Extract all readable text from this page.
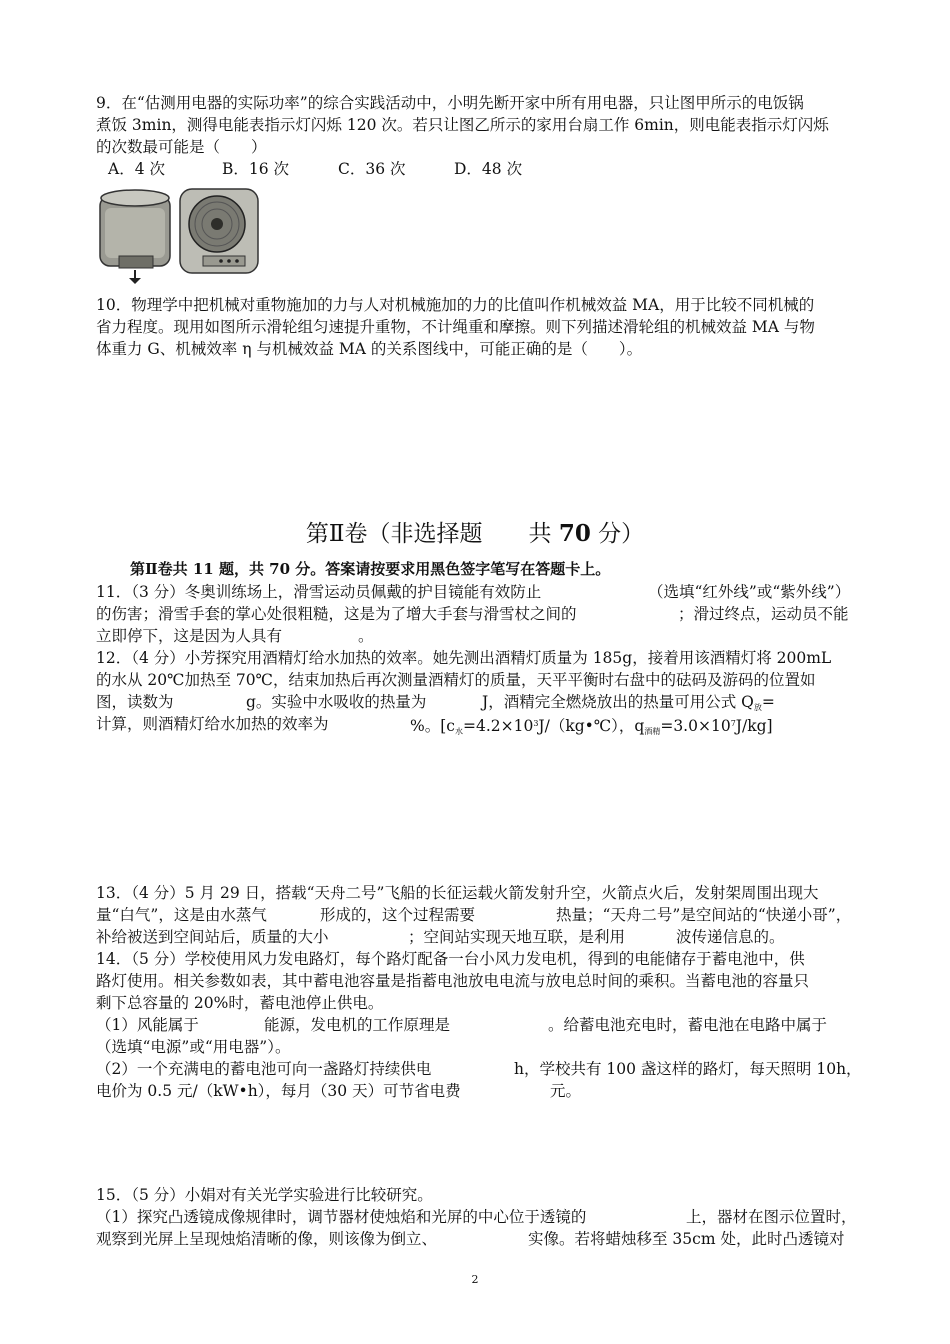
9．在“估测用电器的实际功率”的综合实践活动中，小明先断开家中所有用电器，只让图甲所示的电饭锅
煮饭 3min，测得电能表指示灯闪烁 120 次。若只让图乙所示的家用台扇工作 6min，则电能表指示灯闪烁
的次数最可能是（　　）
A．4 次	B．16 次	C．36 次	D．48 次
10．物理学中把机械对重物施加的力与人对机械施加的力的比值叫作机械效益 MA，用于比较不同机械的
省力程度。现用如图所示滑轮组匀速提升重物，不计绳重和摩擦。则下列描述滑轮组的机械效益 MA 与物
体重力 G、机械效率 η 与机械效益 MA 的关系图线中，可能正确的是（　　）。
第Ⅱ卷（非选择题 共 70 分）
第Ⅱ卷共 11 题，共 70 分。答案请按要求用黑色签字笔写在答题卡上。
11．（3 分）冬奥训练场上，滑雪运动员佩戴的护目镜能有效防止	（选填“红外线”或“紫外线”）
的伤害；滑雪手套的掌心处很粗糙，这是为了增大手套与滑雪杖之间的	；滑过终点，运动员不能
立即停下，这是因为人具有	。
12．（4 分）小芳探究用酒精灯给水加热的效率。她先测出酒精灯质量为 185g，接着用该酒精灯将 200mL
的水从 20℃加热至 70℃，结束加热后再次测量酒精灯的质量，天平平衡时右盘中的砝码及游码的位置如
图，读数为	g。实验中水吸收的热量为	J，酒精完全燃烧放出的热量可用公式 $Q_放=$
计算，则酒精灯给水加热的效率为	%。[$c_水=4.2\times 10^3J/(kg•℃)$，$q_{酒精}=3.0\times 10^7J/kg$]
13．（4 分）5 月 29 日，搭载“天舟二号”飞船的长征运载火箭发射升空，火箭点火后，发射架周围出现大
量“白气”，这是由水蒸气	形成的，这个过程需要	热量；“天舟二号”是空间站的“快递小哥”，
补给被送到空间站后，质量的大小	；空间站实现天地互联，是利用	波传递信息的。
14．（5 分）学校使用风力发电路灯，每个路灯配备一台小风力发电机，得到的电能储存于蓄电池中，供
路灯使用。相关参数如表，其中蓄电池容量是指蓄电池放电电流与放电总时间的乘积。当蓄电池的容量只
剩下总容量的 20%时，蓄电池停止供电。
（1）风能属于	能源，发电机的工作原理是	。给蓄电池充电时，蓄电池在电路中属于
（选填“电源”或“用电器”）。
（2）一个充满电的蓄电池可向一盏路灯持续供电	h，学校共有 100 盏这样的路灯，每天照明 10h，
电价为 0.5 元/（kW•h），每月（30 天）可节省电费	元。
15．（5 分）小娟对有关光学实验进行比较研究。
（1）探究凸透镜成像规律时，调节器材使烛焰和光屏的中心位于透镜的	上，器材在图示位置时，
观察到光屏上呈现烛焰清晰的像，则该像为倒立、	实像。若将蜡烛移至 35cm 处，此时凸透镜对
2
